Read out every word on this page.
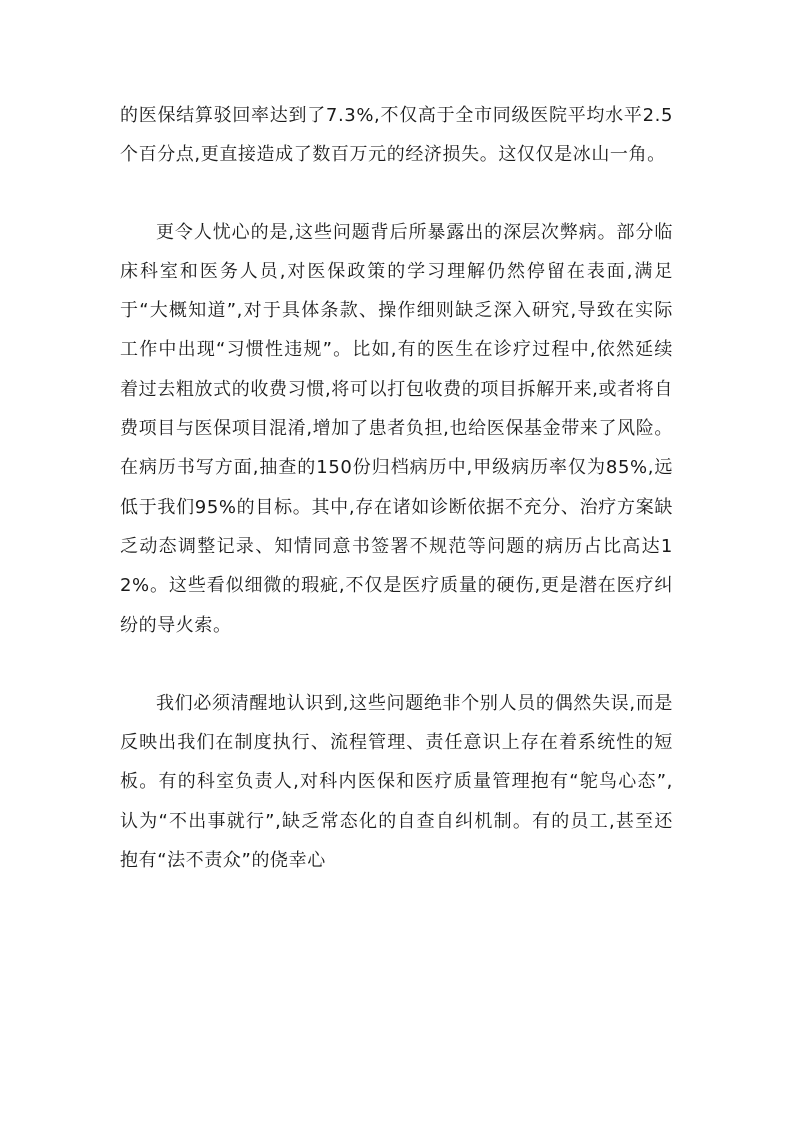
的医保结算驳回率达到了7.3%,不仅高于全市同级医院平均水平2.5个百分点,更直接造成了数百万元的经济损失。这仅仅是冰山一角。

更令人忧心的是,这些问题背后所暴露出的深层次弊病。部分临床科室和医务人员,对医保政策的学习理解仍然停留在表面,满足于“大概知道”,对于具体条款、操作细则缺乏深入研究,导致在实际工作中出现“习惯性违规”。比如,有的医生在诊疗过程中,依然延续着过去粗放式的收费习惯,将可以打包收费的项目拆解开来,或者将自费项目与医保项目混淆,增加了患者负担,也给医保基金带来了风险。在病历书写方面,抽查的150份归档病历中,甲级病历率仅为85%,远低于我们95%的目标。其中,存在诸如诊断依据不充分、治疗方案缺乏动态调整记录、知情同意书签署不规范等问题的病历占比高达12%。这些看似细微的瑕疵,不仅是医疗质量的硬伤,更是潜在医疗纠纷的导火索。

我们必须清醒地认识到,这些问题绝非个别人员的偶然失误,而是反映出我们在制度执行、流程管理、责任意识上存在着系统性的短板。有的科室负责人,对科内医保和医疗质量管理抱有“鸵鸟心态”,认为“不出事就行”,缺乏常态化的自查自纠机制。有的员工,甚至还抱有“法不责众”的侥幸心
